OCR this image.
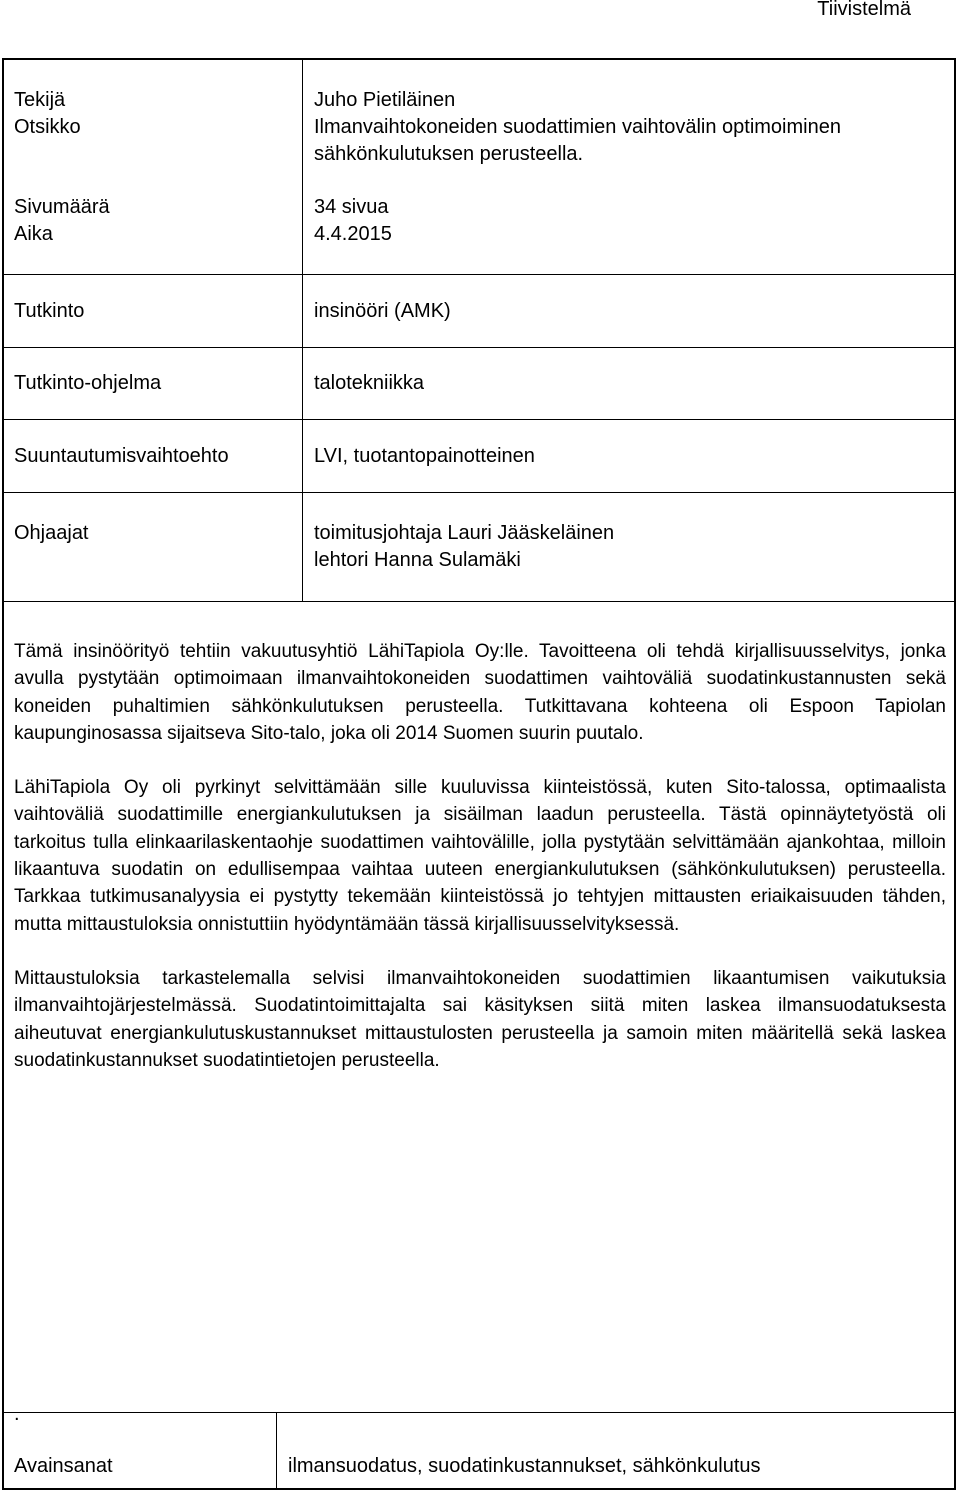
Tiivistelmä
Tekijä	Juho Pietiläinen
Otsikko	Ilmanvaihtokoneiden suodattimien vaihtovälin optimoiminen
sähkönkulutuksen perusteella.
Sivumäärä	34 sivua
Aika	4.4.2015
Tutkinto	insinööri (AMK)
Tutkinto-ohjelma	talotekniikka
Suuntautumisvaihtoehto	LVI, tuotantopainotteinen
Ohjaajat	toimitusjohtaja Lauri Jääskeläinen
lehtori Hanna Sulamäki

Tämä insinöörityö tehtiin vakuutusyhtiö LähiTapiola Oy:lle. Tavoitteena oli tehdä kirjallisuusselvitys, jonka avulla pystytään optimoimaan ilmanvaihtokoneiden suodattimen vaihtoväliä suodatinkustannusten sekä koneiden puhaltimien sähkönkulutuksen perusteella. Tutkittavana kohteena oli Espoon Tapiolan kaupunginosassa sijaitseva Sito-talo, joka oli 2014 Suomen suurin puutalo.

LähiTapiola Oy oli pyrkinyt selvittämään sille kuuluvissa kiinteistössä, kuten Sito-talossa, optimaalista vaihtoväliä suodattimille energiankulutuksen ja sisäilman laadun perusteella. Tästä opinnäytetyöstä oli tarkoitus tulla elinkaarilaskentaohje suodattimen vaihtovälille, jolla pystytään selvittämään ajankohtaa, milloin likaantuva suodatin on edullisempaa vaihtaa uuteen energiankulutuksen (sähkönkulutuksen) perusteella. Tarkkaa tutkimusanalyysia ei pystytty tekemään kiinteistössä jo tehtyjen mittausten eriaikaisuuden tähden, mutta mittaustuloksia onnistuttiin hyödyntämään tässä kirjallisuusselvityksessä.

Mittaustuloksia tarkastelemalla selvisi ilmanvaihtokoneiden suodattimien likaantumisen vaikutuksia ilmanvaihtojärjestelmässä. Suodatintoimittajalta sai käsityksen siitä miten laskea ilmansuodatuksesta aiheutuvat energiankulutuskustannukset mittaustulosten perusteella ja samoin miten määritellä sekä laskea suodatinkustannukset suodatintietojen perusteella.

.
Avainsanat	ilmansuodatus, suodatinkustannukset, sähkönkulutus
